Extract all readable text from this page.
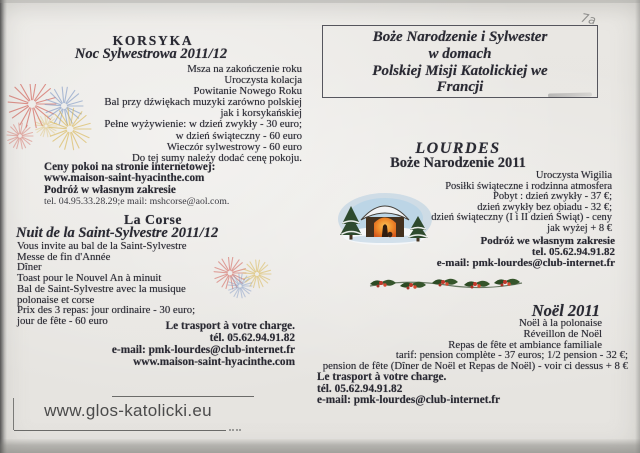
KORSYKA
Noc Sylwestrowa 2011/12
Msza na zakończenie roku
Uroczysta kolacja
Powitanie Nowego Roku
Bal przy dźwiękach muzyki zarówno polskiej
jak i korsykańskiej
Pełne wyżywienie: w dzień zwykły - 30 euro;
w dzień świąteczny - 60 euro
Wieczór sylwestrowy - 60 euro
Do tej sumy należy dodać cenę pokoju.
Ceny pokoi na stronie internetowej:
www.maison-saint-hyacinthe.com
Podróż w własnym zakresie
tel. 04.95.33.28.29;e mail: mshcorse@aol.com.
La Corse
Nuit de la Saint-Sylvestre 2011/12
Vous invite au bal de la Saint-Sylvestre
Messe de fin d'Année
Dîner
Toast pour le Nouvel An à minuit
Bal de Saint-Sylvestre avec la musique
polonaise et corse
Prix des 3 repas: jour ordinaire - 30 euro;
jour de fête - 60 euro	Le trasport à votre charge.
tél. 05.62.94.91.82
e-mail: pmk-lourdes@club-internet.fr
www.maison-saint-hyacinthe.com
www.glos-katolicki.eu
Boże Narodzenie i Sylwester
w domach
Polskiej Misji Katolickiej we
Francji
7a
LOURDES
Boże Narodzenie 2011
Uroczysta Wigilia
Posiłki świąteczne i rodzinna atmosfera
Pobyt : dzień zwykły - 37 €;
dzień zwykły bez obiadu - 32 €;
dzień świąteczny (I i II dzień Świąt) - ceny
jak wyżej + 8 €
Podróż we własnym zakresie
tel. 05.62.94.91.82
e-mail: pmk-lourdes@club-internet.fr
Noël 2011
Noël à la polonaise
Réveillon de Noël
Repas de fête et ambiance familiale
tarif: pension complète - 37 euros; 1/2 pension - 32 €;
pension de fête (Dîner de Noël et Repas de Noël) - voir ci dessus + 8 €
Le trasport à votre charge.
tél. 05.62.94.91.82
e-mail: pmk-lourdes@club-internet.fr
